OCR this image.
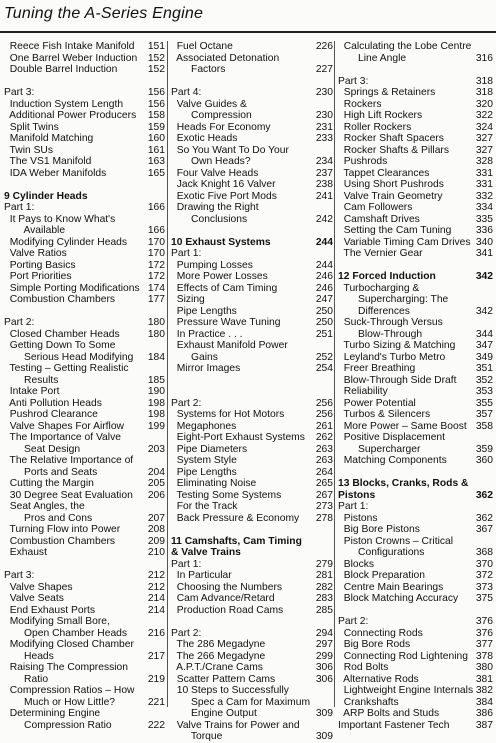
Tuning the A-Series Engine
Reece Fish Intake Manifold	151
One Barrel Weber Induction	152
Double Barrel Induction	152
Part 3:	156
Induction System Length	156
Additional Power Producers	158
Split Twins	159
Manifold Matching	160
Twin SUs	161
The VS1 Manifold	163
IDA Weber Manifolds	165
9 Cylinder Heads
Part 1:	166
It Pays to Know What's
Available	166
Modifying Cylinder Heads	170
Valve Ratios	170
Porting Basics	172
Port Priorities	172
Simple Porting Modifications 174
Combustion Chambers	177
Part 2:	180
Closed Chamber Heads	180
Getting Down To Some
Serious Head Modifying	184
Testing – Getting Realistic
Results	185
Intake Port	190
Anti Pollution Heads	198
Pushrod Clearance	198
Valve Shapes For Airflow	199
The Importance of Valve
Seat Design	203
The Relative Importance of
Ports and Seats	204
Cutting the Margin	205
30 Degree Seat Evaluation	206
Seat Angles, the
Pros and Cons	207
Turning Flow into Power	208
Combustion Chambers	209
Exhaust	210
Part 3:	212
Valve Shapes	212
Valve Seats	214
End Exhaust Ports	214
Modifying Small Bore,
Open Chamber Heads	216
Modifying Closed Chamber
Heads	217
Raising The Compression
Ratio	219
Compression Ratios – How
Much or How Little?	221
Determining Engine
Compression Ratio	222
Fuel Octane	226
Associated Detonation
Factors	227
Part 4:	230
Valve Guides &
Compression	230
Heads For Economy	231
Exotic Heads	233
So You Want To Do Your
Own Heads?	234
Four Valve Heads	237
Jack Knight 16 Valver	238
Exotic Five Port Mods	241
Drawing the Right
Conclusions	242
10 Exhaust Systems	244
Part 1:
Pumping Losses	244
More Power Losses	246
Effects of Cam Timing	246
Sizing	247
Pipe Lengths	250
Pressure Wave Tuning	250
In Practice . . .	251
Exhaust Manifold Power
Gains	252
Mirror Images	254
Part 2:	256
Systems for Hot Motors	256
Megaphones	261
Eight-Port Exhaust Systems	262
Pipe Diameters	263
System Style	263
Pipe Lengths	264
Eliminating Noise	265
Testing Some Systems	267
For the Track	273
Back Pressure & Economy	278
11 Camshafts, Cam Timing
& Valve Trains
Part 1:	279
In Particular	281
Choosing the Numbers	282
Cam Advance/Retard	283
Production Road Cams	285
Part 2:	294
The 286 Megadyne	297
The 266 Megadyne	299
A.P.T./Crane Cams	306
Scatter Pattern Cams	306
10 Steps to Successfully
Spec a Cam for Maximum
Engine Output	309
Valve Trains for Power and
Torque	309
Calculating the Lobe Centre
Line Angle	316
Part 3:	318
Springs & Retainers	318
Rockers	320
High Lift Rockers	322
Roller Rockers	324
Rocker Shaft Spacers	327
Rocker Shafts & Pillars	327
Pushrods	328
Tappet Clearances	331
Using Short Pushrods	331
Valve Train Geometry	332
Cam Followers	334
Camshaft Drives	335
Setting the Cam Tuning	336
Variable Timing Cam Drives 340
The Vernier Gear	341
12 Forced Induction	342
Turbocharging &
Supercharging: The
Differences	342
Suck-Through Versus
Blow-Through	344
Turbo Sizing & Matching	347
Leyland's Turbo Metro	349
Freer Breathing	351
Blow-Through Side Draft	352
Reliability	353
Power Potential	355
Turbos & Silencers	357
More Power – Same Boost 358
Positive Displacement
Supercharger	359
Matching Components	360
13 Blocks, Cranks, Rods &
Pistons	362
Part 1:
Pistons	362
Big Bore Pistons	367
Piston Crowns – Critical
Configurations	368
Blocks	370
Block Preparation	372
Centre Main Bearings	373
Block Matching Accuracy	375
Part 2:	376
Connecting Rods	376
Big Bore Rods	377
Connecting Rod Lightening 378
Rod Bolts	380
Alternative Rods	381
Lightweight Engine Internals 382
Crankshafts	384
ARP Bolts and Studs	386
Important Fastener Tech	387
